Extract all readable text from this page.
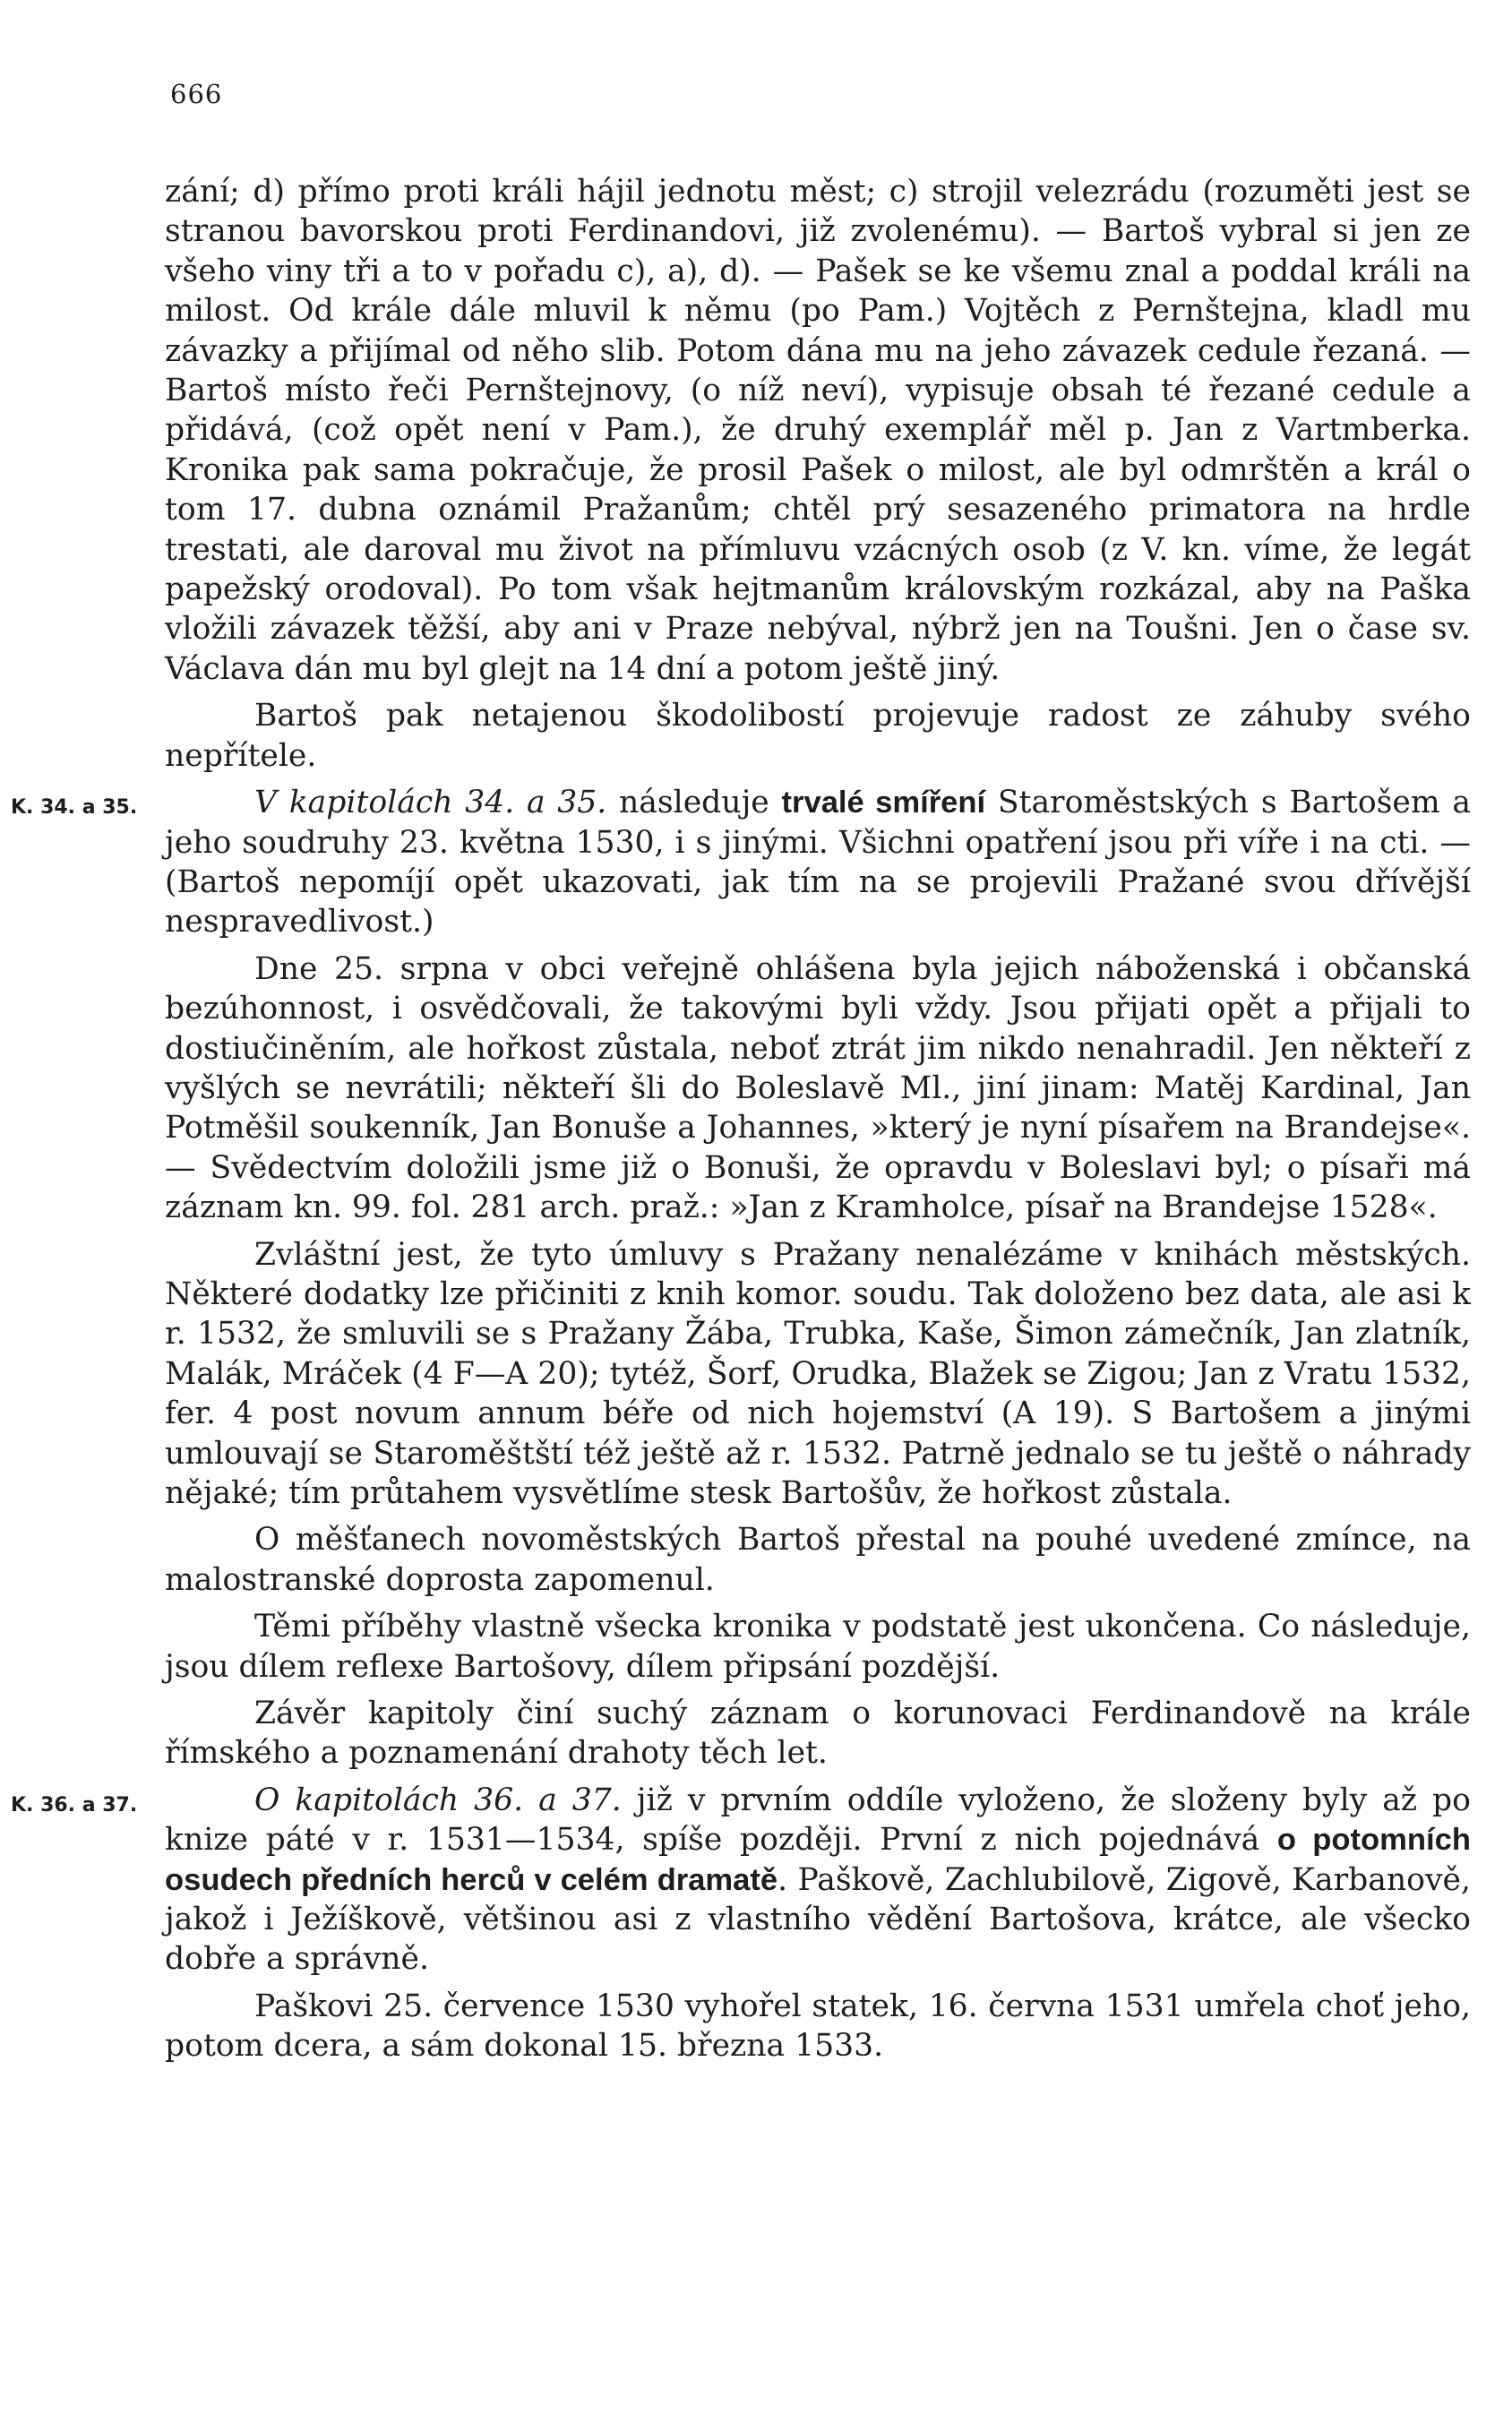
666

zání; d) přímo proti králi hájil jednotu měst; c) strojil velezrádu (rozuměti jest se stranou bavorskou proti Ferdinandovi, již zvolenému). — Bartoš vybral si jen ze všeho viny tři a to v pořadu c), a), d). — Pašek se ke všemu znal a poddal králi na milost. Od krále dále mluvil k němu (po Pam.) Vojtěch z Pernštejna, kladl mu závazky a přijímal od něho slib. Potom dána mu na jeho závazek cedule řezaná. — Bartoš místo řeči Pernštejnovy, (o níž neví), vypisuje obsah té řezané cedule a přidává, (což opět není v Pam.), že druhý exemplář měl p. Jan z Vartmberka. Kronika pak sama pokračuje, že prosil Pašek o milost, ale byl odmrštěn a král o tom 17. dubna oznámil Pražanům; chtěl prý sesazeného primatora na hrdle trestati, ale daroval mu život na přímluvu vzácných osob (z V. kn. víme, že legát papežský orodoval). Po tom však hejtmanům královským rozkázal, aby na Paška vložili závazek těžší, aby ani v Praze nebýval, nýbrž jen na Toušni. Jen o čase sv. Václava dán mu byl glejt na 14 dní a potom ještě jiný.

Bartoš pak netajenou škodolibostí projevuje radost ze záhuby svého nepřítele.

K. 34. a 35.	V kapitolách 34. a 35. následuje trvalé smíření Staroměstských s Bartošem a jeho soudruhy 23. května 1530, i s jinými. Všichni opatření jsou při víře i na cti. — (Bartoš nepomíjí opět ukazovati, jak tím na se projevili Pražané svou dřívější nespravedlivost.)

Dne 25. srpna v obci veřejně ohlášena byla jejich náboženská i občanská bezúhonnost, i osvědčovali, že takovými byli vždy. Jsou přijati opět a přijali to dostiučiněním, ale hořkost zůstala, neboť ztrát jim nikdo nenahradil. Jen někteří z vyšlých se nevrátili; někteří šli do Boleslavě Ml., jiní jinam: Matěj Kardinal, Jan Potměšil soukenník, Jan Bonuše a Johannes, »který je nyní písařem na Brandejse«. — Svědectvím doložili jsme již o Bonuši, že opravdu v Boleslavi byl; o písaři má záznam kn. 99. fol. 281 arch. praž.: »Jan z Kramholce, písař na Brandejse 1528«.

Zvláštní jest, že tyto úmluvy s Pražany nenalézáme v knihách městských. Některé dodatky lze přičiniti z knih komor. soudu. Tak doloženo bez data, ale asi k r. 1532, že smluvili se s Pražany Žába, Trubka, Kaše, Šimon zámečník, Jan zlatník, Malák, Mráček (4 F—A 20); tytéž, Šorf, Orudka, Blažek se Zigou; Jan z Vratu 1532, fer. 4 post novum annum béře od nich hojemství (A 19). S Bartošem a jinými umlouvají se Staroměštští též ještě až r. 1532. Patrně jednalo se tu ještě o náhrady nějaké; tím průtahem vysvětlíme stesk Bartošův, že hořkost zůstala.

O měšťanech novoměstských Bartoš přestal na pouhé uvedené zmínce, na malostranské doprosta zapomenul.

Těmi příběhy vlastně všecka kronika v podstatě jest ukončena. Co následuje, jsou dílem reflexe Bartošovy, dílem připsání pozdější.

Závěr kapitoly činí suchý záznam o korunovaci Ferdinandově na krále římského a poznamenání drahoty těch let.

K. 36. a 37.	O kapitolách 36. a 37. již v prvním oddíle vyloženo, že složeny byly až po knize páté v r. 1531—1534, spíše později. První z nich pojednává o potomních osudech předních herců v celém dramatě. Paškově, Zachlubilově, Zigově, Karbanově, jakož i Ježíškově, většinou asi z vlastního vědění Bartošova, krátce, ale všecko dobře a správně.

Paškovi 25. července 1530 vyhořel statek, 16. června 1531 umřela choť jeho, potom dcera, a sám dokonal 15. března 1533.
